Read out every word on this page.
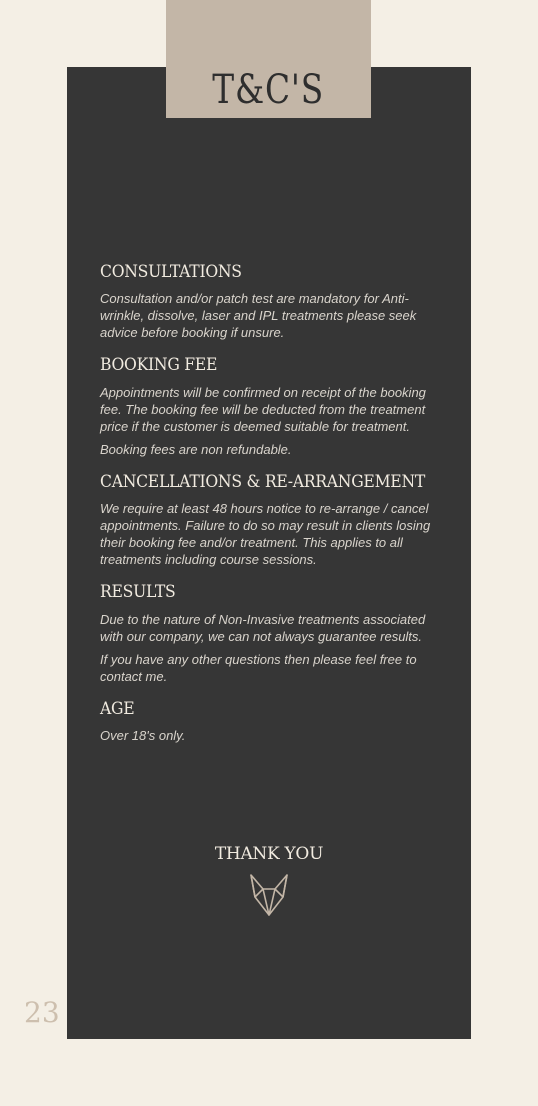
T&C'S
CONSULTATIONS

Consultation and/or patch test are mandatory for Anti-wrinkle, dissolve, laser and IPL treatments please seek advice before booking if unsure.

BOOKING FEE

Appointments will be confirmed on receipt of the booking fee. The booking fee will be deducted from the treatment price if the customer is deemed suitable for treatment.

Booking fees are non refundable.

CANCELLATIONS & RE-ARRANGEMENT

We require at least 48 hours notice to re-arrange / cancel appointments. Failure to do so may result in clients losing their booking fee and/or treatment. This applies to all treatments including course sessions.

RESULTS

Due to the nature of Non-Invasive treatments associated with our company, we can not always guarantee results.

If you have any other questions then please feel free to contact me.

AGE

Over 18's only.

THANK YOU
23
